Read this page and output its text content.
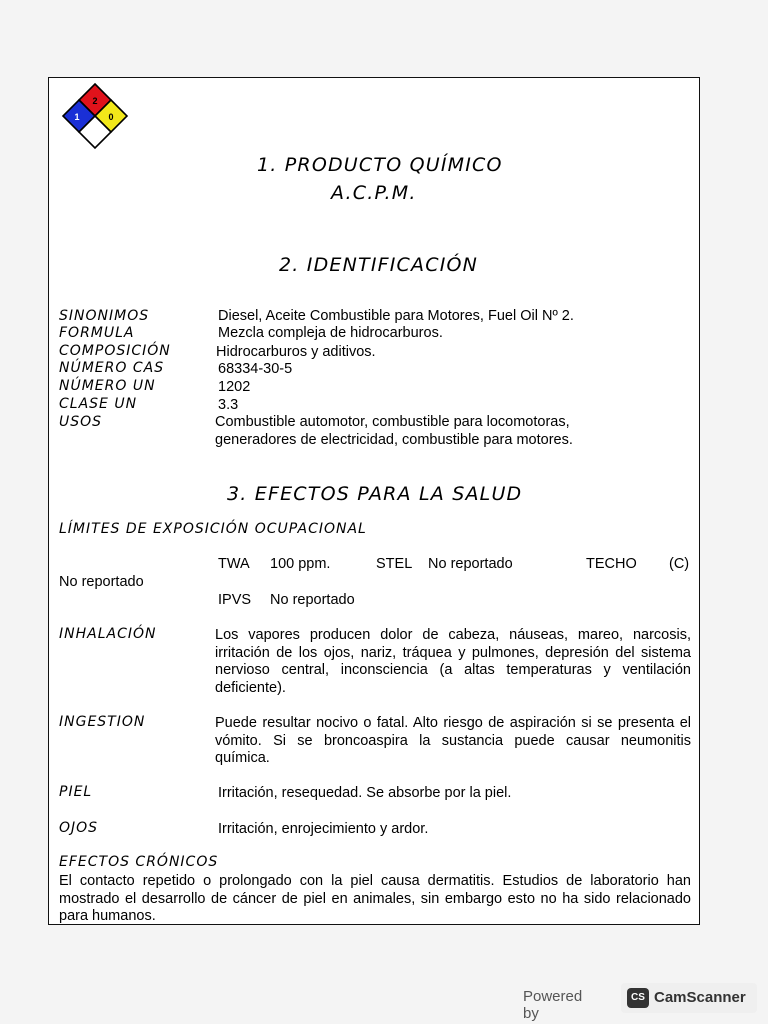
2
1	0
1. PRODUCTO QUÍMICO
A.C.P.M.
2. IDENTIFICACIÓN
SINONIMOS	Diesel, Aceite Combustible para Motores, Fuel Oil Nº 2.
FORMULA	Mezcla compleja de hidrocarburos.
COMPOSICIÓN	Hidrocarburos y aditivos.
NÚMERO CAS	68334-30-5
NÚMERO UN	1202
CLASE UN	3.3
USOS	Combustible automotor, combustible para locomotoras,
generadores de electricidad, combustible para motores.
3. EFECTOS PARA LA SALUD
LÍMITES DE EXPOSICIÓN OCUPACIONAL
TWA 100 ppm.	STEL No reportado	TECHO (C)
No reportado
IPVS No reportado
INHALACIÓN	Los vapores producen dolor de cabeza, náuseas, mareo, narcosis, irritación de los ojos, nariz, tráquea y pulmones, depresión del sistema nervioso central, inconsciencia (a altas temperaturas y ventilación deficiente).
INGESTION	Puede resultar nocivo o fatal. Alto riesgo de aspiración si se presenta el vómito. Si se broncoaspira la sustancia puede causar neumonitis química.
PIEL	Irritación, resequedad. Se absorbe por la piel.
OJOS	Irritación, enrojecimiento y ardor.
EFECTOS CRÓNICOS
El contacto repetido o prolongado con la piel causa dermatitis. Estudios de laboratorio han mostrado el desarrollo de cáncer de piel en animales, sin embargo esto no ha sido relacionado para humanos.
Powered by
CS CamScanner
